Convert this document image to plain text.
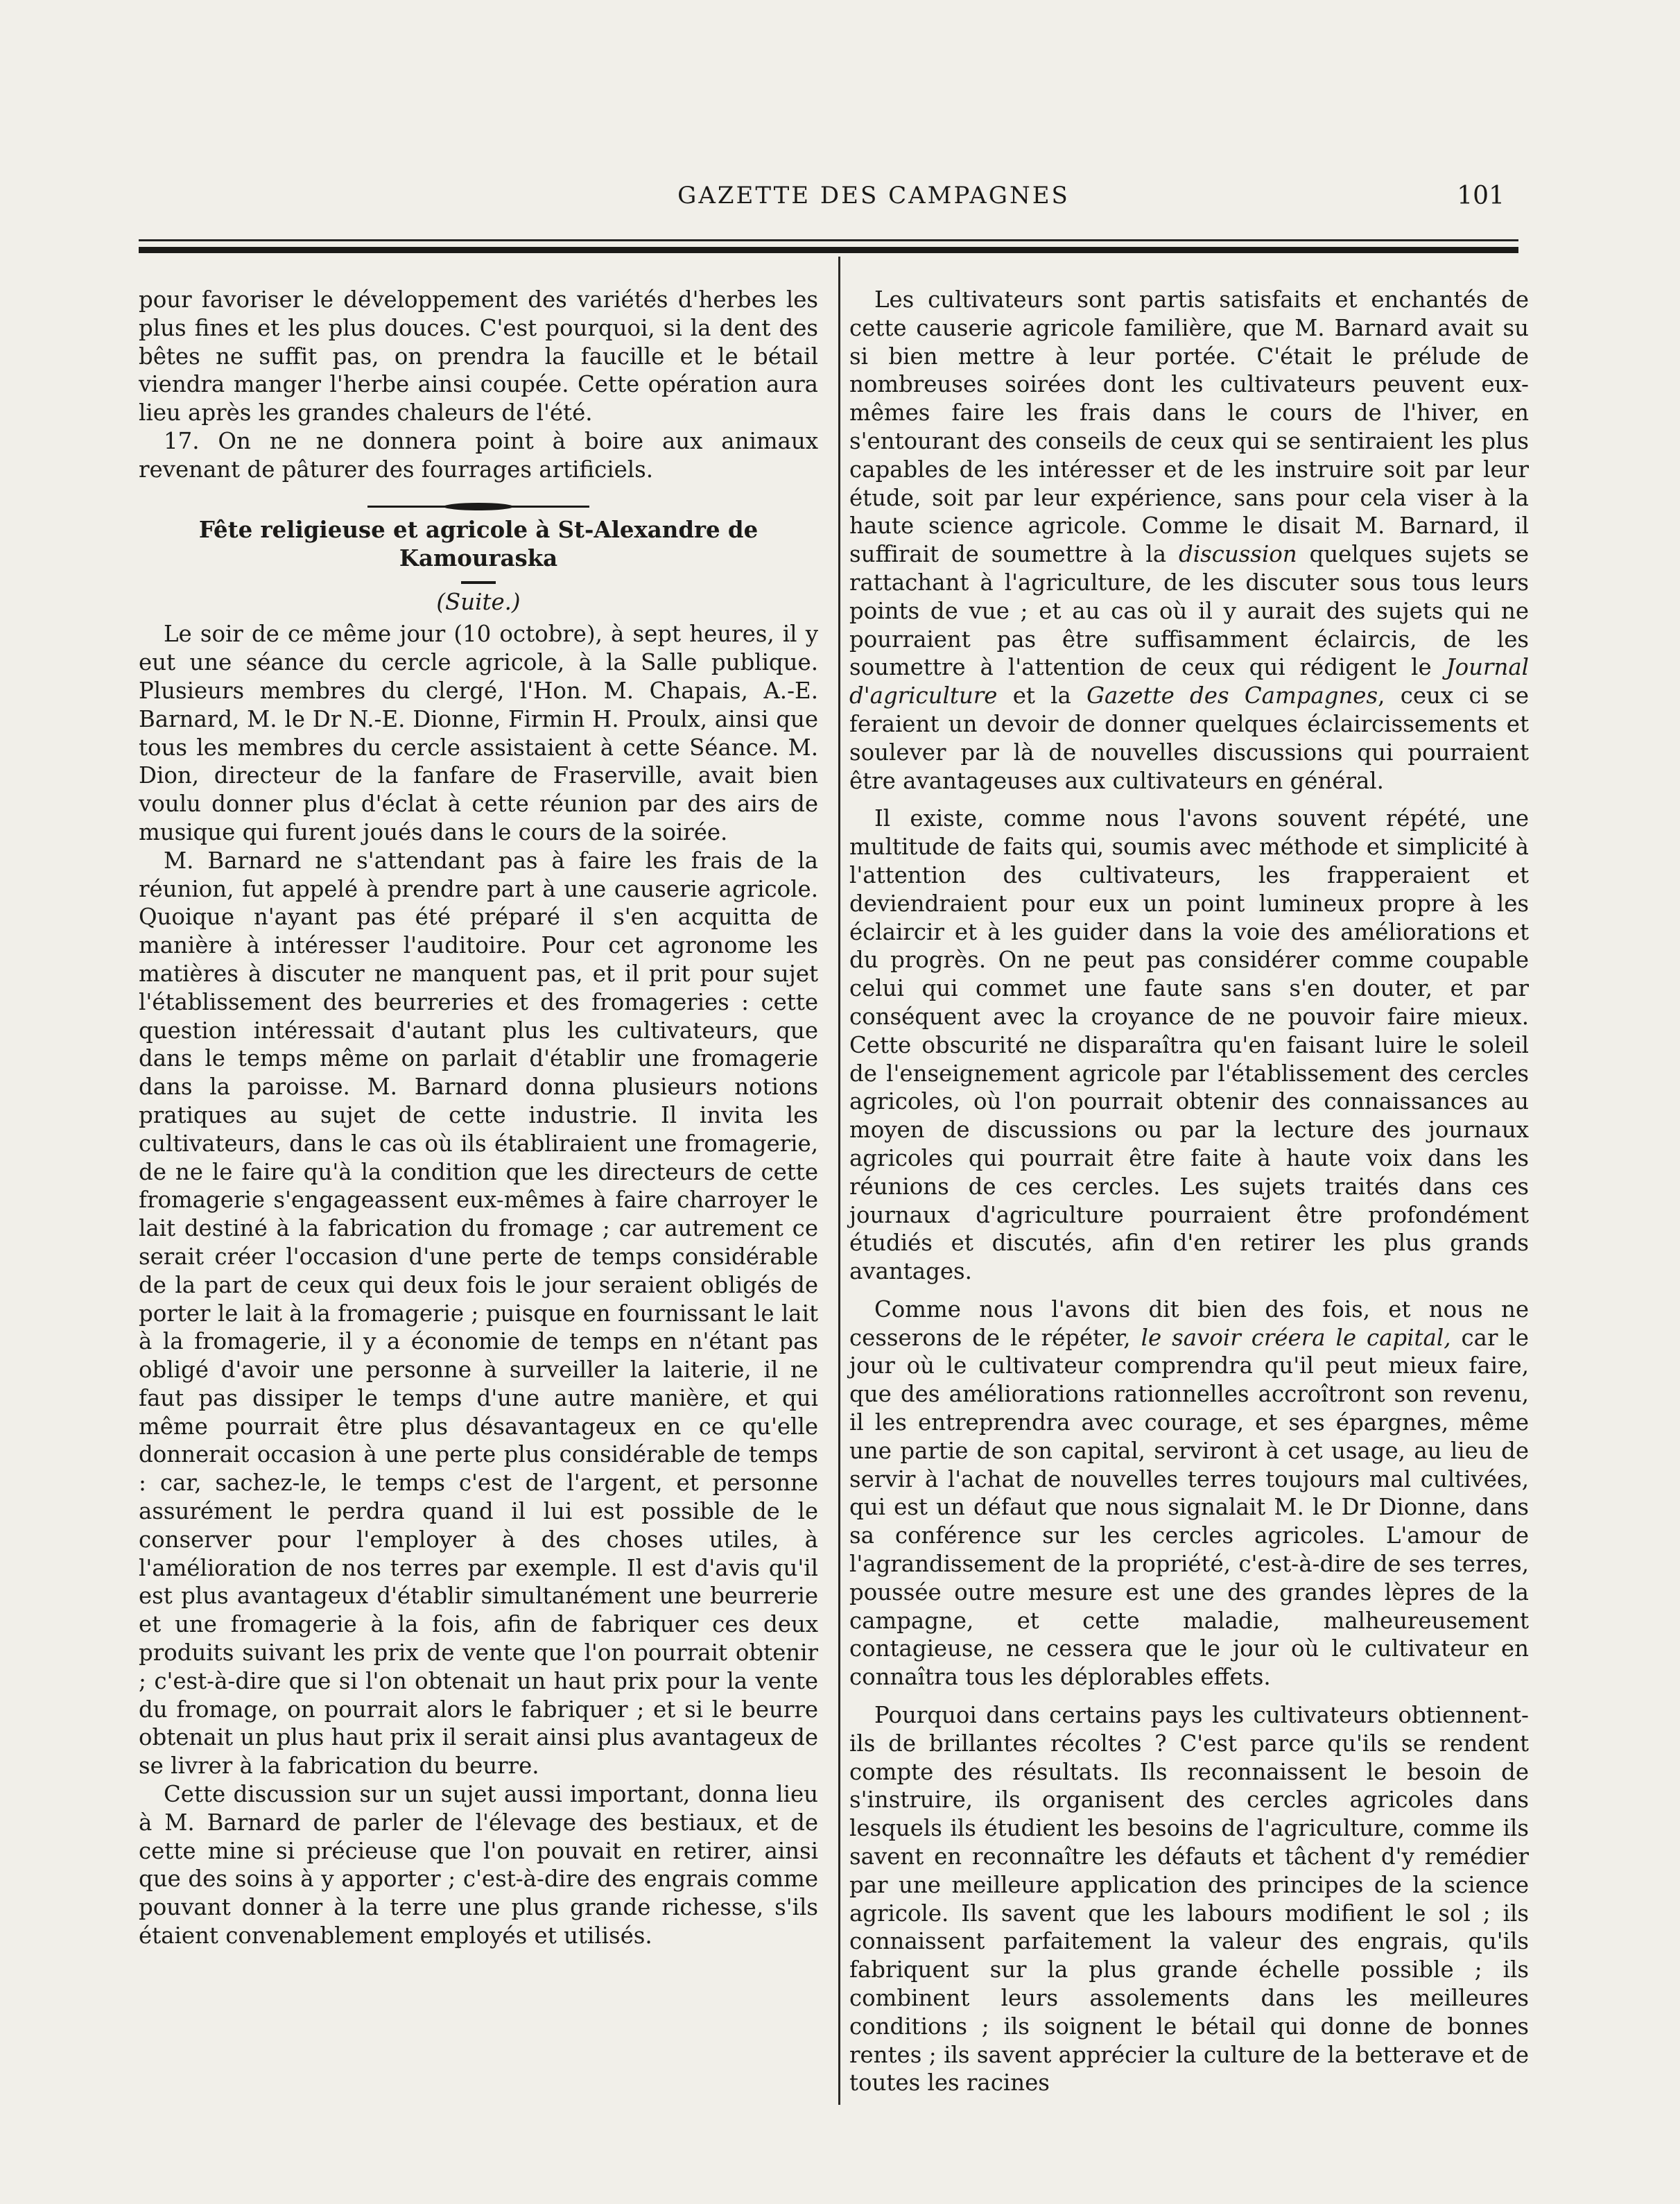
GAZETTE DES CAMPAGNES	101

pour favoriser le développement des variétés d'herbes les plus fines et les plus douces. C'est pourquoi, si la dent des bêtes ne suffit pas, on prendra la faucille et le bétail viendra manger l'herbe ainsi coupée. Cette opération aura lieu après les grandes chaleurs de l'été.

17. On ne ne donnera point à boire aux animaux revenant de pâturer des fourrages artificiels.

Fête religieuse et agricole à St-Alexandre de Kamouraska
(Suite.)

Le soir de ce même jour (10 octobre), à sept heures, il y eut une séance du cercle agricole, à la Salle publique. Plusieurs membres du clergé, l'Hon. M. Chapais, A.-E. Barnard, M. le Dr N.-E. Dionne, Firmin H. Proulx, ainsi que tous les membres du cercle assistaient à cette Séance. M. Dion, directeur de la fanfare de Fraserville, avait bien voulu donner plus d'éclat à cette réunion par des airs de musique qui furent joués dans le cours de la soirée.

M. Barnard ne s'attendant pas à faire les frais de la réunion, fut appelé à prendre part à une causerie agricole. Quoique n'ayant pas été préparé il s'en acquitta de manière à intéresser l'auditoire. Pour cet agronome les matières à discuter ne manquent pas, et il prit pour sujet l'établissement des beurreries et des fromageries : cette question intéressait d'autant plus les cultivateurs, que dans le temps même on parlait d'établir une fromagerie dans la paroisse. M. Barnard donna plusieurs notions pratiques au sujet de cette industrie. Il invita les cultivateurs, dans le cas où ils établiraient une fromagerie, de ne le faire qu'à la condition que les directeurs de cette fromagerie s'engageassent eux-mêmes à faire charroyer le lait destiné à la fabrication du fromage ; car autrement ce serait créer l'occasion d'une perte de temps considérable de la part de ceux qui deux fois le jour seraient obligés de porter le lait à la fromagerie ; puisque en fournissant le lait à la fromagerie, il y a économie de temps en n'étant pas obligé d'avoir une personne à surveiller la laiterie, il ne faut pas dissiper le temps d'une autre manière, et qui même pourrait être plus désavantageux en ce qu'elle donnerait occasion à une perte plus considérable de temps : car, sachez-le, le temps c'est de l'argent, et personne assurément le perdra quand il lui est possible de le conserver pour l'employer à des choses utiles, à l'amélioration de nos terres par exemple. Il est d'avis qu'il est plus avantageux d'établir simultanément une beurrerie et une fromagerie à la fois, afin de fabriquer ces deux produits suivant les prix de vente que l'on pourrait obtenir ; c'est-à-dire que si l'on obtenait un haut prix pour la vente du fromage, on pourrait alors le fabriquer ; et si le beurre obtenait un plus haut prix il serait ainsi plus avantageux de se livrer à la fabrication du beurre.

Cette discussion sur un sujet aussi important, donna lieu à M. Barnard de parler de l'élevage des bestiaux, et de cette mine si précieuse que l'on pouvait en retirer, ainsi que des soins à y apporter ; c'est-à-dire des engrais comme pouvant donner à la terre une plus grande richesse, s'ils étaient convenablement employés et utilisés.

Les cultivateurs sont partis satisfaits et enchantés de cette causerie agricole familière, que M. Barnard avait su si bien mettre à leur portée. C'était le prélude de nombreuses soirées dont les cultivateurs peuvent eux-mêmes faire les frais dans le cours de l'hiver, en s'entourant des conseils de ceux qui se sentiraient les plus capables de les intéresser et de les instruire soit par leur étude, soit par leur expérience, sans pour cela viser à la haute science agricole. Comme le disait M. Barnard, il suffirait de soumettre à la discussion quelques sujets se rattachant à l'agriculture, de les discuter sous tous leurs points de vue ; et au cas où il y aurait des sujets qui ne pourraient pas être suffisamment éclaircis, de les soumettre à l'attention de ceux qui rédigent le Journal d'agriculture et la Gazette des Campagnes, ceux ci se feraient un devoir de donner quelques éclaircissements et soulever par là de nouvelles discussions qui pourraient être avantageuses aux cultivateurs en général.

Il existe, comme nous l'avons souvent répété, une multitude de faits qui, soumis avec méthode et simplicité à l'attention des cultivateurs, les frapperaient et deviendraient pour eux un point lumineux propre à les éclaircir et à les guider dans la voie des améliorations et du progrès. On ne peut pas considérer comme coupable celui qui commet une faute sans s'en douter, et par conséquent avec la croyance de ne pouvoir faire mieux. Cette obscurité ne disparaîtra qu'en faisant luire le soleil de l'enseignement agricole par l'établissement des cercles agricoles, où l'on pourrait obtenir des connaissances au moyen de discussions ou par la lecture des journaux agricoles qui pourrait être faite à haute voix dans les réunions de ces cercles. Les sujets traités dans ces journaux d'agriculture pourraient être profondément étudiés et discutés, afin d'en retirer les plus grands avantages.

Comme nous l'avons dit bien des fois, et nous ne cesserons de le répéter, le savoir créera le capital, car le jour où le cultivateur comprendra qu'il peut mieux faire, que des améliorations rationnelles accroîtront son revenu, il les entreprendra avec courage, et ses épargnes, même une partie de son capital, serviront à cet usage, au lieu de servir à l'achat de nouvelles terres toujours mal cultivées, qui est un défaut que nous signalait M. le Dr Dionne, dans sa conférence sur les cercles agricoles. L'amour de l'agrandissement de la propriété, c'est-à-dire de ses terres, poussée outre mesure est une des grandes lèpres de la campagne, et cette maladie, malheureusement contagieuse, ne cessera que le jour où le cultivateur en connaîtra tous les déplorables effets.

Pourquoi dans certains pays les cultivateurs obtiennent-ils de brillantes récoltes ? C'est parce qu'ils se rendent compte des résultats. Ils reconnaissent le besoin de s'instruire, ils organisent des cercles agricoles dans lesquels ils étudient les besoins de l'agriculture, comme ils savent en reconnaître les défauts et tâchent d'y remédier par une meilleure application des principes de la science agricole. Ils savent que les labours modifient le sol ; ils connaissent parfaitement la valeur des engrais, qu'ils fabriquent sur la plus grande échelle possible ; ils combinent leurs assolements dans les meilleures conditions ; ils soignent le bétail qui donne de bonnes rentes ; ils savent apprécier la culture de la betterave et de toutes les racines
